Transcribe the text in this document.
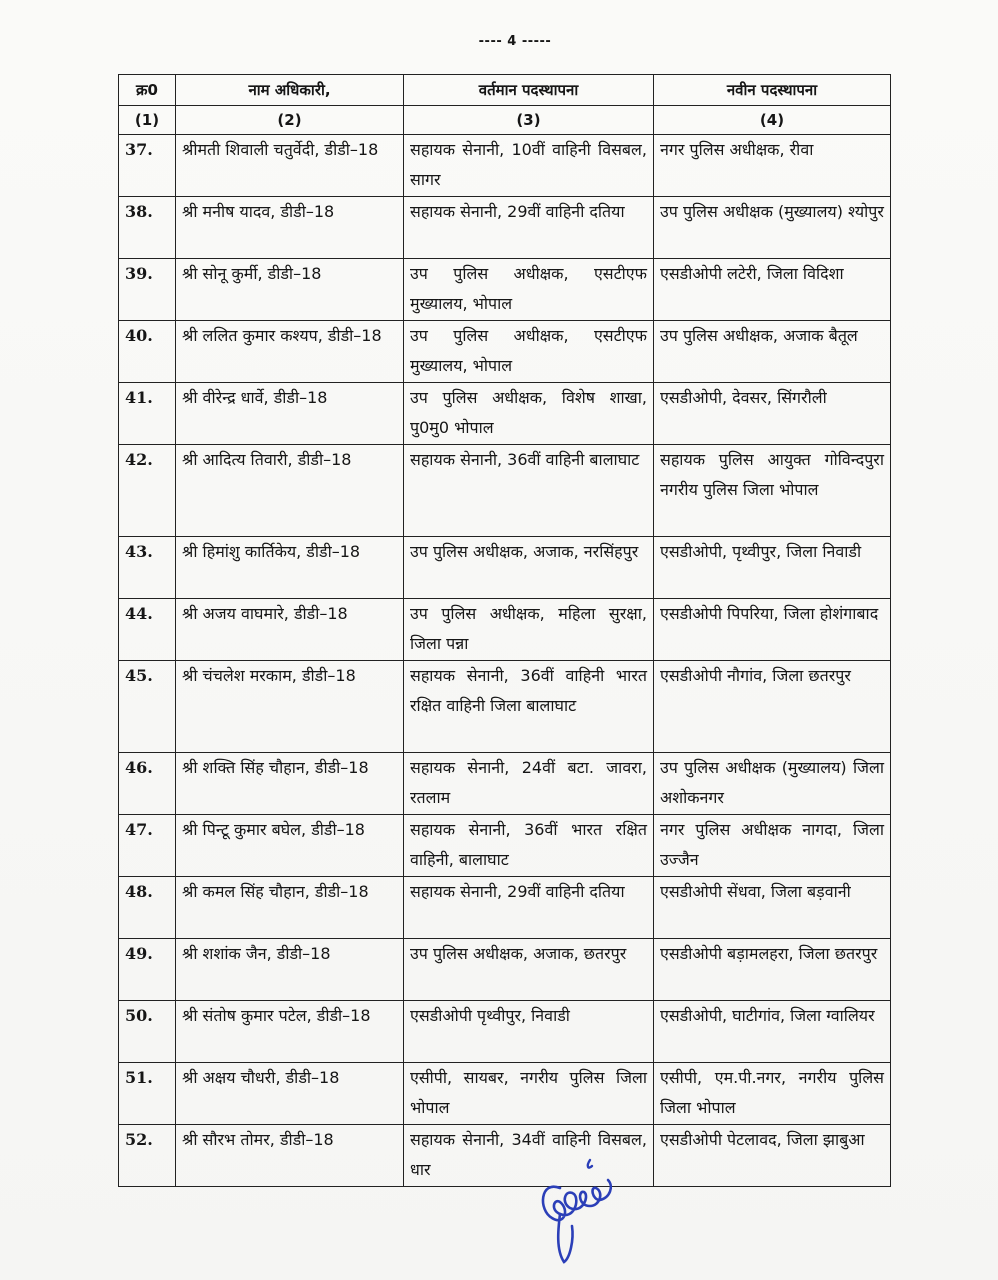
---- 4 -----
क्र0	नाम अधिकारी,	वर्तमान पदस्थापना	नवीन पदस्थापना
(1)	(2)	(3)	(4)
37.	श्रीमती शिवाली चतुर्वेदी, डीडी–18	सहायक सेनानी, 10वीं वाहिनी विसबल, सागर	नगर पुलिस अधीक्षक, रीवा
38.	श्री मनीष यादव, डीडी–18	सहायक सेनानी, 29वीं वाहिनी दतिया	उप पुलिस अधीक्षक (मुख्यालय) श्योपुर
39.	श्री सोनू कुर्मी, डीडी–18	उप पुलिस अधीक्षक, एसटीएफ मुख्यालय, भोपाल	एसडीओपी लटेरी, जिला विदिशा
40.	श्री ललित कुमार कश्यप, डीडी–18	उप पुलिस अधीक्षक, एसटीएफ मुख्यालय, भोपाल	उप पुलिस अधीक्षक, अजाक बैतूल
41.	श्री वीरेन्द्र धार्वे, डीडी–18	उप पुलिस अधीक्षक, विशेष शाखा, पु0मु0 भोपाल	एसडीओपी, देवसर, सिंगरौली
42.	श्री आदित्य तिवारी, डीडी–18	सहायक सेनानी, 36वीं वाहिनी बालाघाट	सहायक पुलिस आयुक्त गोविन्दपुरा नगरीय पुलिस जिला भोपाल
43.	श्री हिमांशु कार्तिकेय, डीडी–18	उप पुलिस अधीक्षक, अजाक, नरसिंहपुर	एसडीओपी, पृथ्वीपुर, जिला निवाडी
44.	श्री अजय वाघमारे, डीडी–18	उप पुलिस अधीक्षक, महिला सुरक्षा, जिला पन्ना	एसडीओपी पिपरिया, जिला होशंगाबाद
45.	श्री चंचलेश मरकाम, डीडी–18	सहायक सेनानी, 36वीं वाहिनी भारत रक्षित वाहिनी जिला बालाघाट	एसडीओपी नौगांव, जिला छतरपुर
46.	श्री शक्ति सिंह चौहान, डीडी–18	सहायक सेनानी, 24वीं बटा. जावरा, रतलाम	उप पुलिस अधीक्षक (मुख्यालय) जिला अशोकनगर
47.	श्री पिन्टू कुमार बघेल, डीडी–18	सहायक सेनानी, 36वीं भारत रक्षित वाहिनी, बालाघाट	नगर पुलिस अधीक्षक नागदा, जिला उज्जैन
48.	श्री कमल सिंह चौहान, डीडी–18	सहायक सेनानी, 29वीं वाहिनी दतिया	एसडीओपी सेंधवा, जिला बड़वानी
49.	श्री शशांक जैन, डीडी–18	उप पुलिस अधीक्षक, अजाक, छतरपुर	एसडीओपी बड़ामलहरा, जिला छतरपुर
50.	श्री संतोष कुमार पटेल, डीडी–18	एसडीओपी पृथ्वीपुर, निवाडी	एसडीओपी, घाटीगांव, जिला ग्वालियर
51.	श्री अक्षय चौधरी, डीडी–18	एसीपी, सायबर, नगरीय पुलिस जिला भोपाल	एसीपी, एम.पी.नगर, नगरीय पुलिस जिला भोपाल
52.	श्री सौरभ तोमर, डीडी–18	सहायक सेनानी, 34वीं वाहिनी विसबल, धार	एसडीओपी पेटलावद, जिला झाबुआ
